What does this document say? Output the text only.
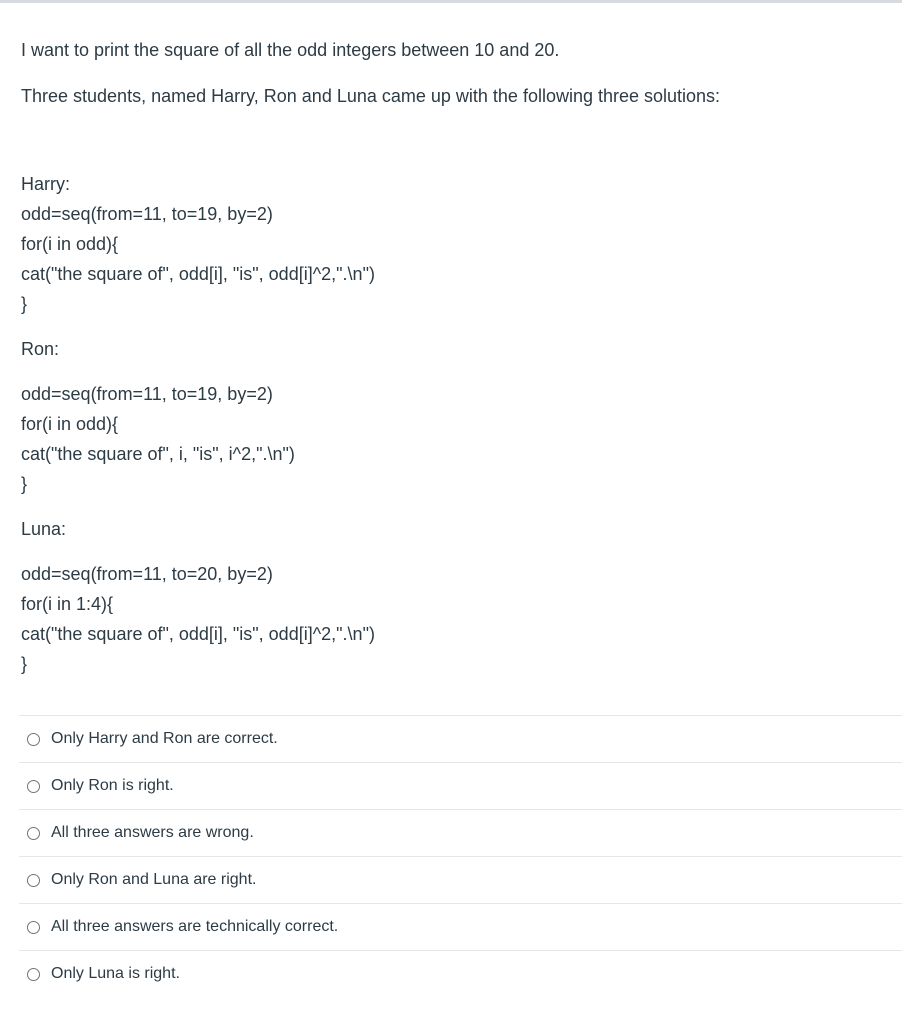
I want to print the square of all the odd integers between 10 and 20.

Three students, named Harry, Ron and Luna came up with the following three solutions:

Harry:
odd=seq(from=11, to=19, by=2)
for(i in odd){
cat("the square of", odd[i], "is", odd[i]^2,".\n")
}
Ron:
odd=seq(from=11, to=19, by=2)
for(i in odd){
cat("the square of", i, "is", i^2,".\n")
}
Luna:
odd=seq(from=11, to=20, by=2)
for(i in 1:4){
cat("the square of", odd[i], "is", odd[i]^2,".\n")
}
Only Harry and Ron are correct.
Only Ron is right.
All three answers are wrong.
Only Ron and Luna are right.
All three answers are technically correct.
Only Luna is right.
